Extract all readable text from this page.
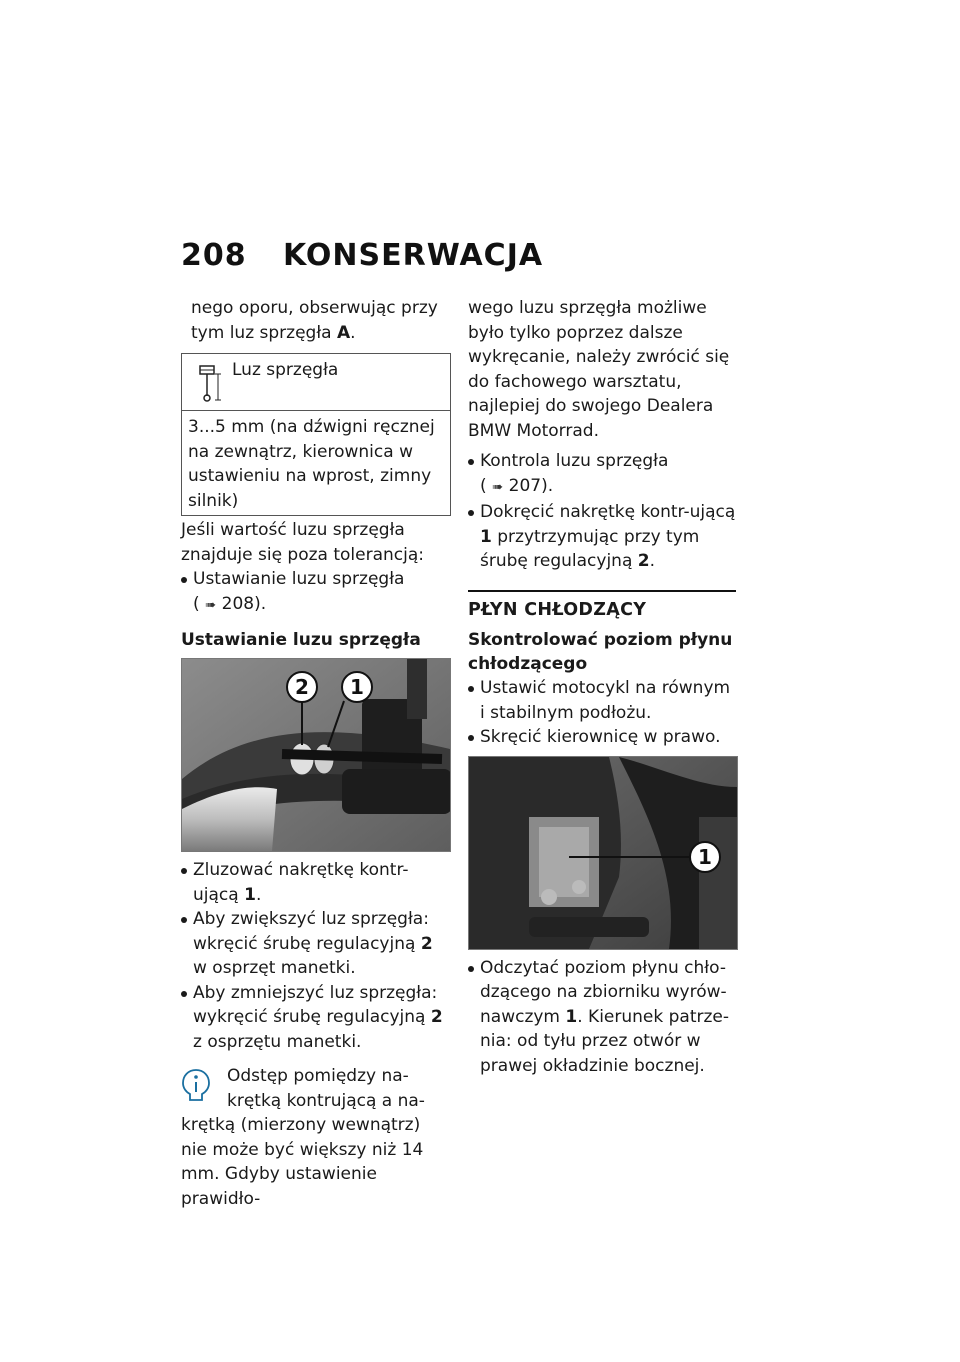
208 KONSERWACJA

nego oporu, obserwując przy
tym luz sprzęgła A.

Luz sprzęgła
3...5 mm (na dźwigni ręcznej na zewnątrz, kierownica w ustawieniu na wprost, zimny silnik)

Jeśli wartość luzu sprzęgła znajduje się poza tolerancją:

Ustawianie luzu sprzęgła
( ➠ 208).

Ustawianie luzu sprzęgła
2 1

Zluzować nakrętkę kontr-ującą 1.

Aby zwiększyć luz sprzęgła: wkręcić śrubę regulacyjną 2 w osprzęt manetki.

Aby zmniejszyć luz sprzęgła: wykręcić śrubę regulacyjną 2 z osprzętu manetki.

Odstęp pomiędzy na-krętką kontrującą a na-

krętką (mierzony wewnątrz) nie może być większy niż 14 mm. Gdyby ustawienie prawidło-

wego luzu sprzęgła możliwe było tylko poprzez dalsze wykręcanie, należy zwrócić się do fachowego warsztatu, najlepiej do swojego Dealera BMW Motorrad.

Kontrola luzu sprzęgła
( ➠ 207).

Dokręcić nakrętkę kontr-ującą 1 przytrzymując przy tym śrubę regulacyjną 2.

PŁYN CHŁODZĄCY
Skontrolować poziom płynu chłodzącego

Ustawić motocykl na równym i stabilnym podłożu.

Skręcić kierownicę w prawo.

1

Odczytać poziom płynu chło-dzącego na zbiorniku wyrów-nawczym 1. Kierunek patrze-nia: od tyłu przez otwór w prawej okładzinie bocznej.
